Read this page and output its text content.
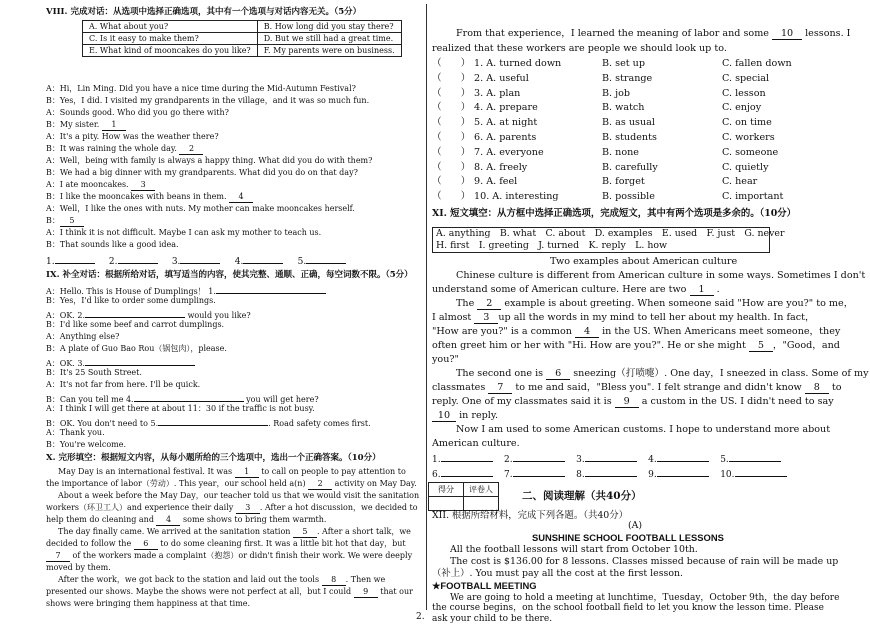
VIII. 完成对话：从选项中选择正确选项，其中有一个选项与对话内容无关。（5分）
A. What about you?	B. How long did you stay there?
C. Is it easy to make them?	D. But we still had a great time.
E. What kind of mooncakes do you like?	F. My parents were on business.
A：Hi，Lin Ming. Did you have a nice time during the Mid-Autumn Festival?
B：Yes，I did. I visited my grandparents in the village，and it was so much fun.
A：Sounds good. Who did you go there with?
B：My sister. 1
A：It's a pity. How was the weather there?
B：It was raining the whole day. 2
A：Well，being with family is always a happy thing. What did you do with them?
B：We had a big dinner with my grandparents. What did you do on that day?
A：I ate mooncakes. 3
B：I like the mooncakes with beans in them. 4
A：Well，I like the ones with nuts. My mother can make mooncakes herself.
B： 5
A：I think it is not difficult. Maybe I can ask my mother to teach us.
B：That sounds like a good idea.
1.	2.	3.	4.	5.
IX. 补全对话：根据所给对话，填写适当的内容，使其完整、通顺、正确，每空词数不限。（5分）
A：Hello. This is House of Dumplings！ 1.
B：Yes，I'd like to order some dumplings.
A：OK. 2.	would you like?
B：I'd like some beef and carrot dumplings.
A：Anything else?
B：A plate of Guo Bao Rou（锅包肉），please.
A：OK. 3.
B：It's 25 South Street.
A：It's not far from here. I'll be quick.
B：Can you tell me 4.	you will get here?
A：I think I will get there at about 11：30 if the traffic is not busy.
B：OK. You don't need to 5.	. Road safety comes first.
A：Thank you.
B：You're welcome.
X. 完形填空：根据短文内容，从每小题所给的三个选项中，选出一个正确答案。（10分）
May Day is an international festival. It was 1 to call on people to pay attention to
the importance of labor（劳动）. This year，our school held a(n) 2 activity on May Day.
About a week before the May Day，our teacher told us that we would visit the sanitation
workers（环卫工人）and experience their daily 3 . After a hot discussion，we decided to
help them do cleaning and 4 some shows to bring them warmth.
The day finally came. We arrived at the sanitation station 5 . After a short talk，we
decided to follow the 6 to do some cleaning first. It was a little bit hot that day，but
7 of the workers made a complaint（抱怨）or didn't finish their work. We were deeply
moved by them.
After the work，we got back to the station and laid out the tools 8 . Then we
presented our shows. Maybe the shows were not perfect at all，but I could 9 that our
shows were bringing them happiness at that time.
From that experience，I learned the meaning of labor and some 10 lessons. I
realized that these workers are people we should look up to.
（　　） 1. A. turned down	B. set up	C. fallen down
（　　） 2. A. useful	B. strange	C. special
（　　） 3. A. plan	B. job	C. lesson
（　　） 4. A. prepare	B. watch	C. enjoy
（　　） 5. A. at night	B. as usual	C. on time
（　　） 6. A. parents	B. students	C. workers
（　　） 7. A. everyone	B. none	C. someone
（　　） 8. A. freely	B. carefully	C. quietly
（　　） 9. A. feel	B. forget	C. hear
（　　） 10. A. interesting	B. possible	C. important
XI. 短文填空：从方框中选择正确选项，完成短文，其中有两个选项是多余的。（10分）
A. anything　B. what　C. about　D. examples　E. used　F. just　G. never
H. first　I. greeting　J. turned　K. reply　L. how
Two examples about American culture
Chinese culture is different from American culture in some ways. Sometimes I don't
understand some of American culture. Here are two 1 .
The 2 example is about greeting. When someone said "How are you?" to me，
I almost 3 up all the words in my mind to tell her about my health. In fact，
"How are you?" is a common 4 in the US. When Americans meet someone，they
often greet him or her with "Hi. How are you?". He or she might 5 ，"Good，and
you?"
The second one is 6 sneezing（打喷嚏）. One day，I sneezed in class. Some of my
classmates 7 to me and said，"Bless you". I felt strange and didn't know 8 to
reply. One of my classmates said it is 9 a custom in the US. I didn't need to say
10 in reply.
Now I am used to some American customs. I hope to understand more about
American culture.
1.	2.	3.	4.	5.
6.	7.	8.	9.	10.
得分	评卷人

二、阅读理解（共40分）
XII. 根据所给材料，完成下列各题。（共40分）
(A)
SUNSHINE SCHOOL FOOTBALL LESSONS
All the football lessons will start from October 10th.
The cost is $136.00 for 8 lessons. Classes missed because of rain will be made up
（补上）. You must pay all the cost at the first lesson.
★FOOTBALL MEETING
We are going to hold a meeting at lunchtime，Tuesday，October 9th，the day before
the course begins，on the school football field to let you know the lesson time. Please
ask your child to be there.
2.
